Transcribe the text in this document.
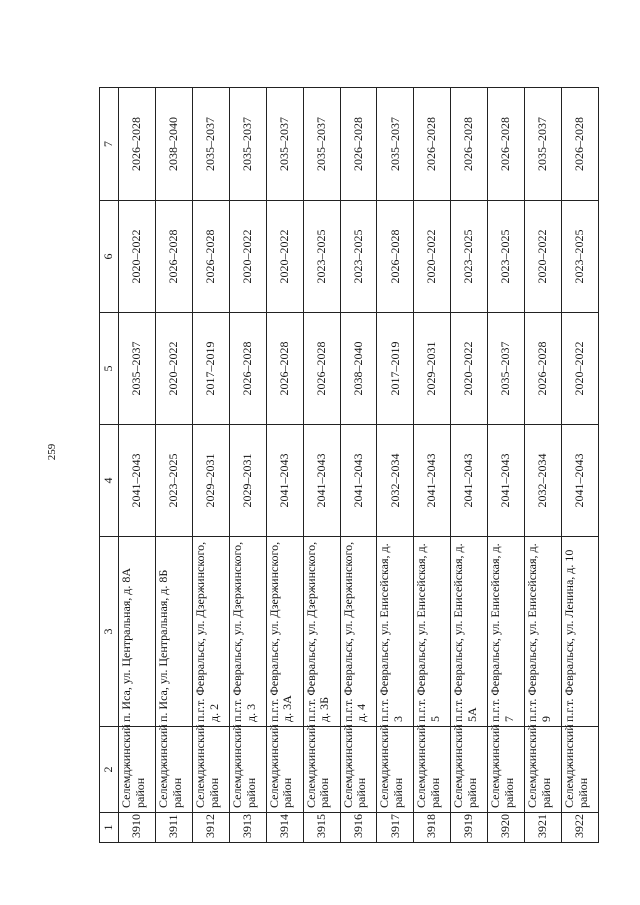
259
1	2	3	4	5	6	7
3910	Селемджинский район	п. Иса, ул. Центральная, д. 8А	2041–2043	2035–2037	2020–2022	2026–2028
3911	Селемджинский район	п. Иса, ул. Центральная, д. 8Б	2023–2025	2020–2022	2026–2028	2038–2040
3912	Селемджинский район	п.г.т. Февральск, ул. Дзержинского, д. 2	2029–2031	2017–2019	2026–2028	2035–2037
3913	Селемджинский район	п.г.т. Февральск, ул. Дзержинского, д. 3	2029–2031	2026–2028	2020–2022	2035–2037
3914	Селемджинский район	п.г.т. Февральск, ул. Дзержинского, д. 3А	2041–2043	2026–2028	2020–2022	2035–2037
3915	Селемджинский район	п.г.т. Февральск, ул. Дзержинского, д. 3Б	2041–2043	2026–2028	2023–2025	2035–2037
3916	Селемджинский район	п.г.т. Февральск, ул. Дзержинского, д. 4	2041–2043	2038–2040	2023–2025	2026–2028
3917	Селемджинский район	п.г.т. Февральск, ул. Енисейская, д. 3	2032–2034	2017–2019	2026–2028	2035–2037
3918	Селемджинский район	п.г.т. Февральск, ул. Енисейская, д. 5	2041–2043	2029–2031	2020–2022	2026–2028
3919	Селемджинский район	п.г.т. Февральск, ул. Енисейская, д. 5А	2041–2043	2020–2022	2023–2025	2026–2028
3920	Селемджинский район	п.г.т. Февральск, ул. Енисейская, д. 7	2041–2043	2035–2037	2023–2025	2026–2028
3921	Селемджинский район	п.г.т. Февральск, ул. Енисейская, д. 9	2032–2034	2026–2028	2020–2022	2035–2037
3922	Селемджинский район	п.г.т. Февральск, ул. Ленина, д. 10	2041–2043	2020–2022	2023–2025	2026–2028
